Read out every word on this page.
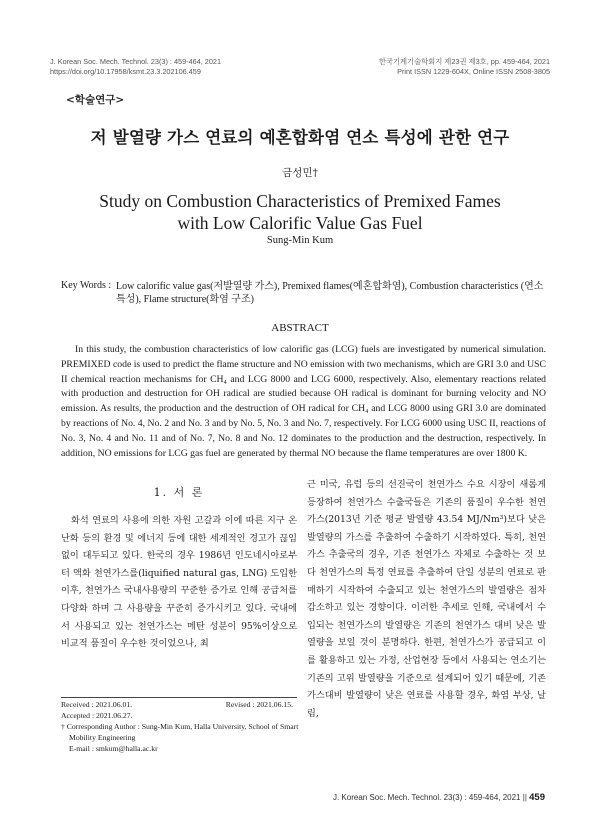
J. Korean Soc. Mech. Technol. 23(3) : 459-464, 2021
https://doi.org/10.17958/ksmt.23.3.202106.459
한국기계기술학회지 제23권 제3호, pp. 459-464, 2021
Print ISSN 1229-604X, Online ISSN 2508-3805
<학술연구>
저 발열량 가스 연료의 예혼합화염 연소 특성에 관한 연구
금성민†
Study on Combustion Characteristics of Premixed Fames
with Low Calorific Value Gas Fuel
Sung-Min Kum
Key Words : Low calorific value gas(저발열량 가스), Premixed flames(예혼합화염), Combustion characteristics (연소 특성), Flame structure(화염 구조)
ABSTRACT
In this study, the combustion characteristics of low calorific gas (LCG) fuels are investigated by numerical simulation. PREMIXED code is used to predict the flame structure and NO emission with two mechanisms, which are GRI 3.0 and USC II chemical reaction mechanisms for CH₄ and LCG 8000 and LCG 6000, respectively. Also, elementary reactions related with production and destruction for OH radical are studied because OH radical is dominant for burning velocity and NO emission. As results, the production and the destruction of OH radical for CH₄ and LCG 8000 using GRI 3.0 are dominated by reactions of No. 4, No. 2 and No. 3 and by No. 5, No. 3 and No. 7, respectively. For LCG 6000 using USC II, reactions of No. 3, No. 4 and No. 11 and of No. 7, No. 8 and No. 12 dominates to the production and the destruction, respectively. In addition, NO emissions for LCG gas fuel are generated by thermal NO because the flame temperatures are over 1800 K.
1. 서 론
화석 연료의 사용에 의한 자원 고갈과 이에 따른 지구 온난화 등의 환경 및 에너지 등에 대한 세계적인 경고가 끊임없이 대두되고 있다. 한국의 경우 1986년 인도네시아로부터 액화 천연가스를(liquified natural gas, LNG) 도입한 이후, 천연가스 국내사용량의 꾸준한 증가로 인해 공급처를 다양화 하며 그 사용량을 꾸준히 증가시키고 있다. 국내에서 사용되고 있는 천연가스는 메탄 성분이 95%이상으로 비교적 품질이 우수한 것이었으나, 최
근 미국, 유럽 등의 선진국이 천연가스 수요 시장이 새롭게 등장하여 천연가스 수출국들은 기존의 품질이 우수한 천연가스(2013년 기준 평균 발열량 43.54 MJ/Nm³)보다 낮은 발열량의 가스를 추출하여 수출하기 시작하였다. 특히, 천연가스 추출국의 경우, 기존 천연가스 자체로 수출하는 것 보다 천연가스의 특정 연료를 추출하여 단일 성분의 연료로 판매하기 시작하여 수출되고 있는 천연가스의 발열량은 점차 감소하고 있는 경향이다. 이러한 추세로 인해, 국내에서 수입되는 천연가스의 발열량은 기존의 천연가스 대비 낮은 발열량을 보일 것이 분명하다. 한편, 천연가스가 공급되고 이를 활용하고 있는 가정, 산업현장 등에서 사용되는 연소기는 기존의 고위 발열량을 기준으로 설계되어 있기 때문에, 기존 가스대비 발열량이 낮은 연료를 사용할 경우, 화염 부상, 날림,
Received : 2021.06.01.	Revised : 2021.06.15.
Accepted : 2021.06.27.
† Corresponding Author : Sung-Min Kum, Halla University, School of Smart Mobility Engineering
E-mail : smkum@halla.ac.kr
J. Korean Soc. Mech. Technol. 23(3) : 459-464, 2021 || 459
